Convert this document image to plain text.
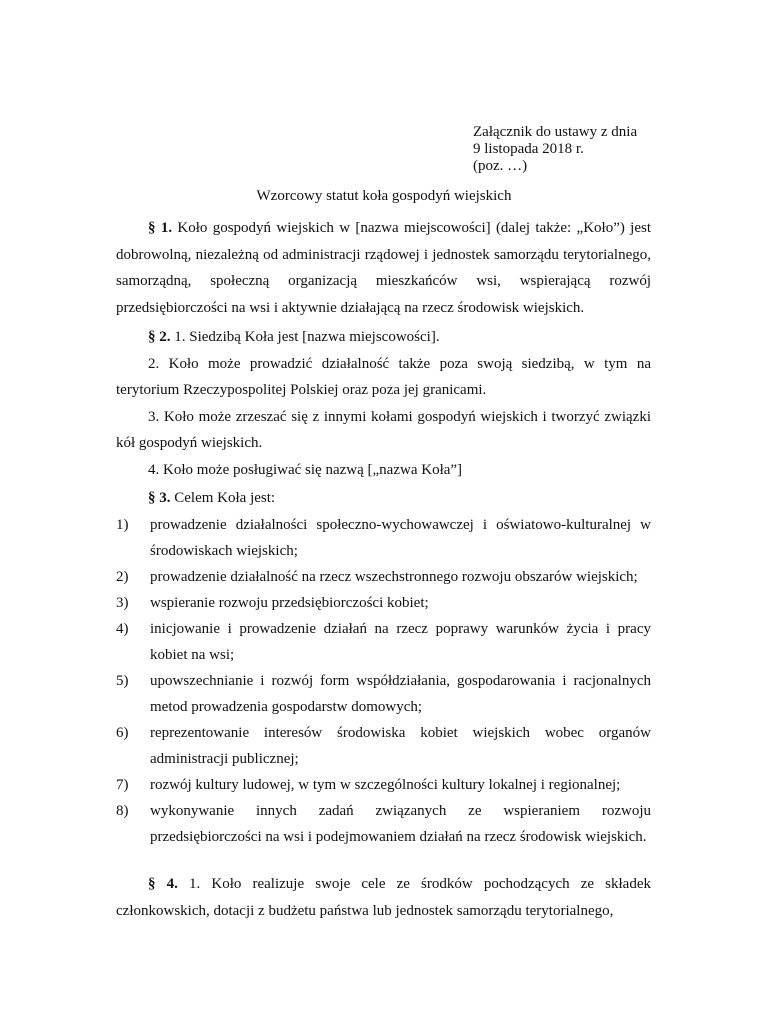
Załącznik do ustawy z dnia
9 listopada 2018 r.
(poz. …)
Wzorcowy statut koła gospodyń wiejskich

§ 1. Koło gospodyń wiejskich w [nazwa miejscowości] (dalej także: „Koło”) jest dobrowolną, niezależną od administracji rządowej i jednostek samorządu terytorialnego, samorządną, społeczną organizacją mieszkańców wsi, wspierającą rozwój przedsiębiorczości na wsi i aktywnie działającą na rzecz środowisk wiejskich.

§ 2. 1. Siedzibą Koła jest [nazwa miejscowości].

2. Koło może prowadzić działalność także poza swoją siedzibą, w tym na terytorium Rzeczypospolitej Polskiej oraz poza jej granicami.

3. Koło może zrzeszać się z innymi kołami gospodyń wiejskich i tworzyć związki kół gospodyń wiejskich.

4. Koło może posługiwać się nazwą [„nazwa Koła”]

§ 3. Celem Koła jest:

1) prowadzenie działalności społeczno-wychowawczej i oświatowo-kulturalnej w środowiskach wiejskich;
2) prowadzenie działalność na rzecz wszechstronnego rozwoju obszarów wiejskich;
3) wspieranie rozwoju przedsiębiorczości kobiet;
4) inicjowanie i prowadzenie działań na rzecz poprawy warunków życia i pracy kobiet na wsi;
5) upowszechnianie i rozwój form współdziałania, gospodarowania i racjonalnych metod prowadzenia gospodarstw domowych;
6) reprezentowanie interesów środowiska kobiet wiejskich wobec organów administracji publicznej;
7) rozwój kultury ludowej, w tym w szczególności kultury lokalnej i regionalnej;
8) wykonywanie innych zadań związanych ze wspieraniem rozwoju przedsiębiorczości na wsi i podejmowaniem działań na rzecz środowisk wiejskich.

§ 4. 1. Koło realizuje swoje cele ze środków pochodzących ze składek członkowskich, dotacji z budżetu państwa lub jednostek samorządu terytorialnego,
